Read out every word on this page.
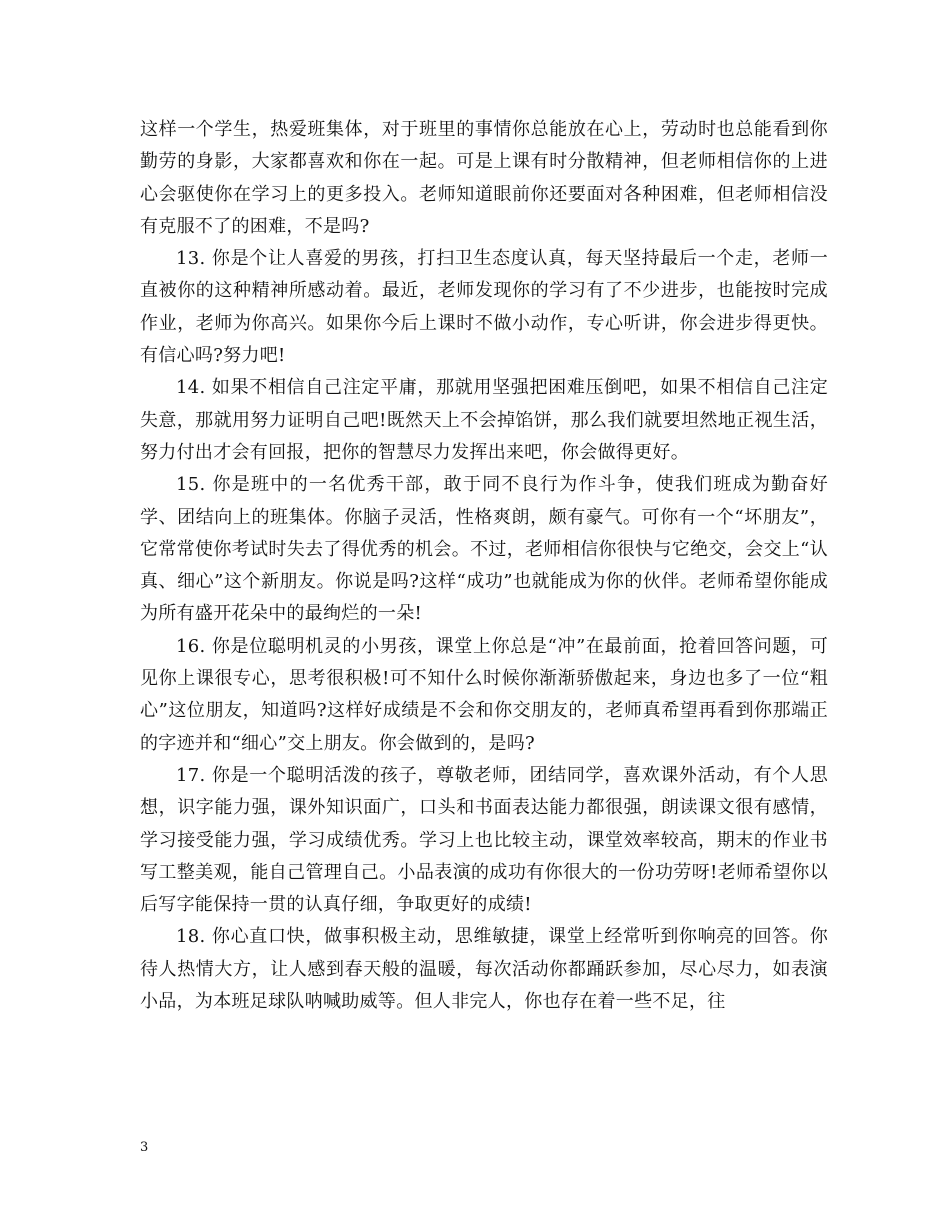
这样一个学生，热爱班集体，对于班里的事情你总能放在心上，劳动时也总能看到你勤劳的身影，大家都喜欢和你在一起。可是上课有时分散精神，但老师相信你的上进心会驱使你在学习上的更多投入。老师知道眼前你还要面对各种困难，但老师相信没有克服不了的困难，不是吗?

13. 你是个让人喜爱的男孩，打扫卫生态度认真，每天坚持最后一个走，老师一直被你的这种精神所感动着。最近，老师发现你的学习有了不少进步，也能按时完成作业，老师为你高兴。如果你今后上课时不做小动作，专心听讲，你会进步得更快。有信心吗?努力吧!

14. 如果不相信自己注定平庸，那就用坚强把困难压倒吧，如果不相信自己注定失意，那就用努力证明自己吧!既然天上不会掉馅饼，那么我们就要坦然地正视生活，努力付出才会有回报，把你的智慧尽力发挥出来吧，你会做得更好。

15. 你是班中的一名优秀干部，敢于同不良行为作斗争，使我们班成为勤奋好学、团结向上的班集体。你脑子灵活，性格爽朗，颇有豪气。可你有一个“坏朋友”，它常常使你考试时失去了得优秀的机会。不过，老师相信你很快与它绝交，会交上“认真、细心”这个新朋友。你说是吗?这样“成功”也就能成为你的伙伴。老师希望你能成为所有盛开花朵中的最绚烂的一朵!

16. 你是位聪明机灵的小男孩，课堂上你总是“冲”在最前面，抢着回答问题，可见你上课很专心，思考很积极!可不知什么时候你渐渐骄傲起来，身边也多了一位“粗心”这位朋友，知道吗?这样好成绩是不会和你交朋友的，老师真希望再看到你那端正的字迹并和“细心”交上朋友。你会做到的，是吗?

17. 你是一个聪明活泼的孩子，尊敬老师，团结同学，喜欢课外活动，有个人思想，识字能力强，课外知识面广，口头和书面表达能力都很强，朗读课文很有感情，学习接受能力强，学习成绩优秀。学习上也比较主动，课堂效率较高，期末的作业书写工整美观，能自己管理自己。小品表演的成功有你很大的一份功劳呀!老师希望你以后写字能保持一贯的认真仔细，争取更好的成绩!

18. 你心直口快，做事积极主动，思维敏捷，课堂上经常听到你响亮的回答。你待人热情大方，让人感到春天般的温暖，每次活动你都踊跃参加，尽心尽力，如表演小品，为本班足球队呐喊助威等。但人非完人，你也存在着一些不足，往

3
